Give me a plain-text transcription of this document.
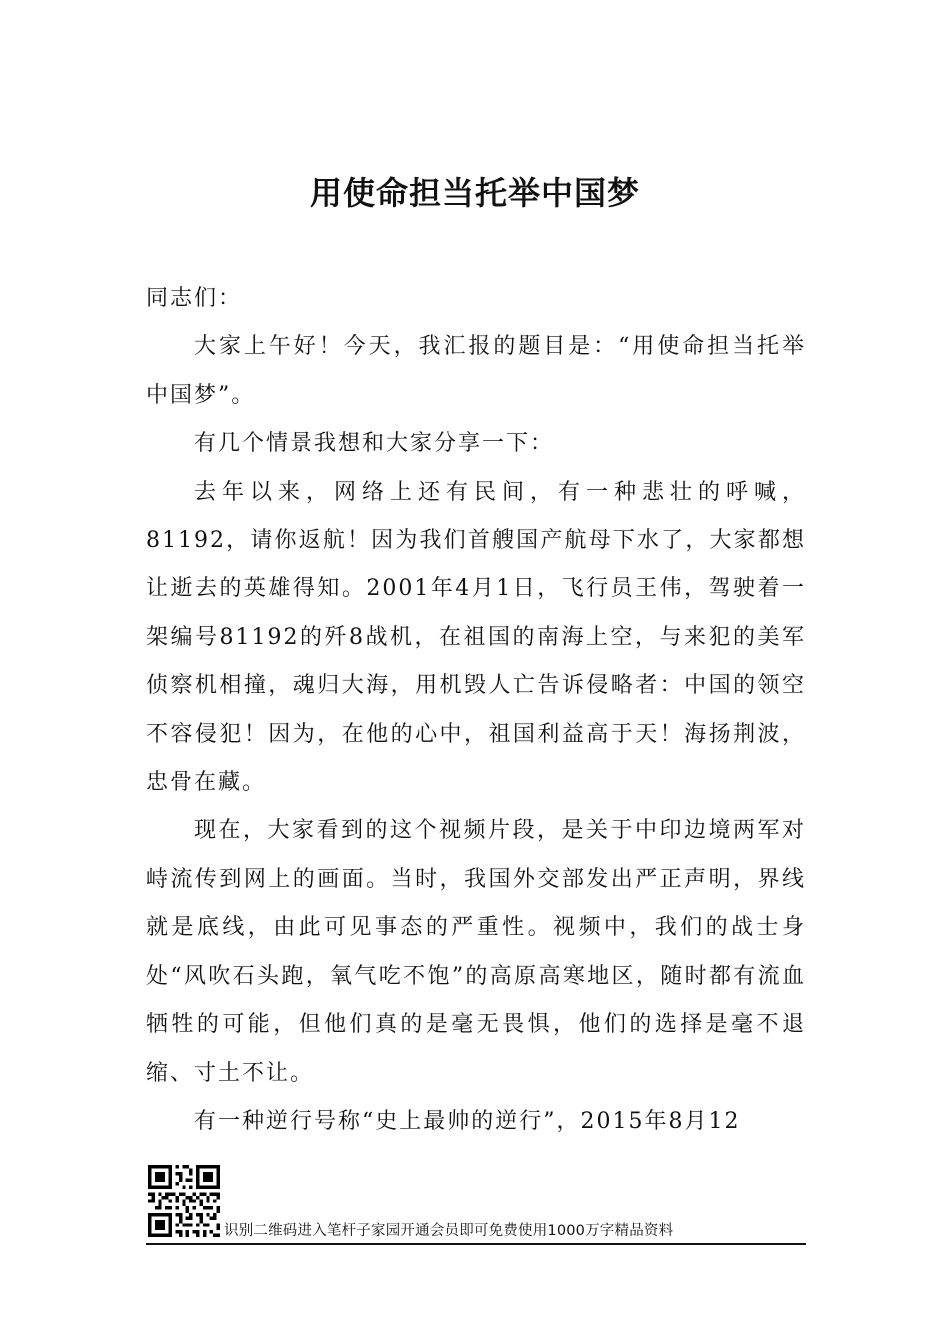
用使命担当托举中国梦

同志们：

大家上午好！今天，我汇报的题目是：“用使命担当托举中国梦”。

有几个情景我想和大家分享一下：

去年以来，网络上还有民间，有一种悲壮的呼喊，81192，请你返航！因为我们首艘国产航母下水了，大家都想让逝去的英雄得知。2001年4月1日，飞行员王伟，驾驶着一架编号81192的歼8战机，在祖国的南海上空，与来犯的美军侦察机相撞，魂归大海，用机毁人亡告诉侵略者：中国的领空不容侵犯！因为，在他的心中，祖国利益高于天！海扬荆波，忠骨在藏。

现在，大家看到的这个视频片段，是关于中印边境两军对峙流传到网上的画面。当时，我国外交部发出严正声明，界线就是底线，由此可见事态的严重性。视频中，我们的战士身处“风吹石头跑，氧气吃不饱”的高原高寒地区，随时都有流血牺牲的可能，但他们真的是毫无畏惧，他们的选择是毫不退缩、寸土不让。

有一种逆行号称“史上最帅的逆行”，2015年8月12

识别二维码进入笔杆子家园开通会员即可免费使用1000万字精品资料
